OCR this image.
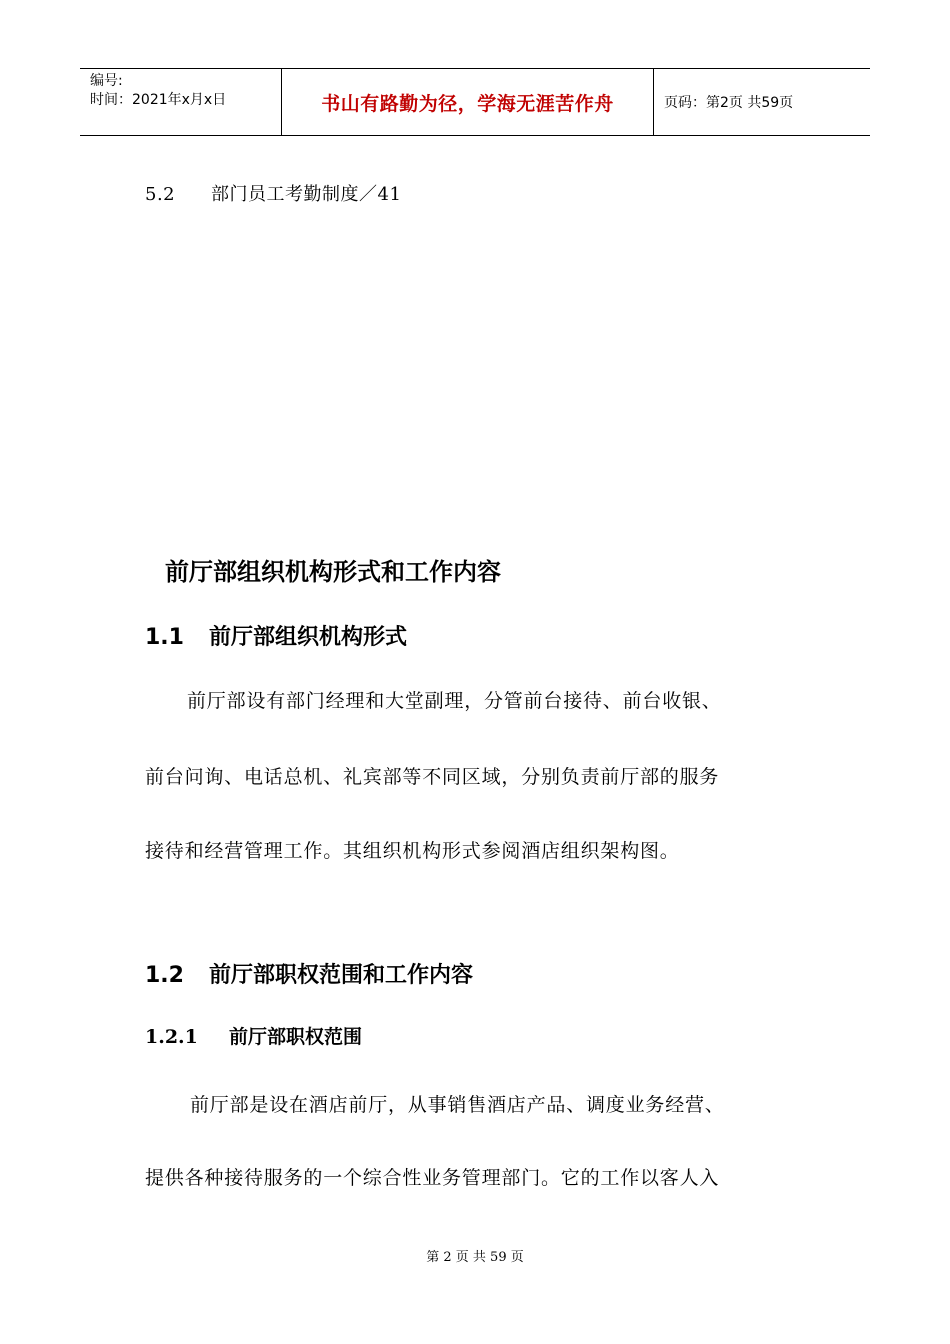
编号:
时间：2021年x月x日	书山有路勤为径，学海无涯苦作舟	页码：第2页 共59页
5.2 部门员工考勤制度／41
前厅部组织机构形式和工作内容
1.1 前厅部组织机构形式
前厅部设有部门经理和大堂副理，分管前台接待、前台收银、
前台问询、电话总机、礼宾部等不同区域，分别负责前厅部的服务
接待和经营管理工作。其组织机构形式参阅酒店组织架构图。
1.2 前厅部职权范围和工作内容
1.2.1 前厅部职权范围
前厅部是设在酒店前厅，从事销售酒店产品、调度业务经营、
提供各种接待服务的一个综合性业务管理部门。它的工作以客人入
第 2 页 共 59 页
